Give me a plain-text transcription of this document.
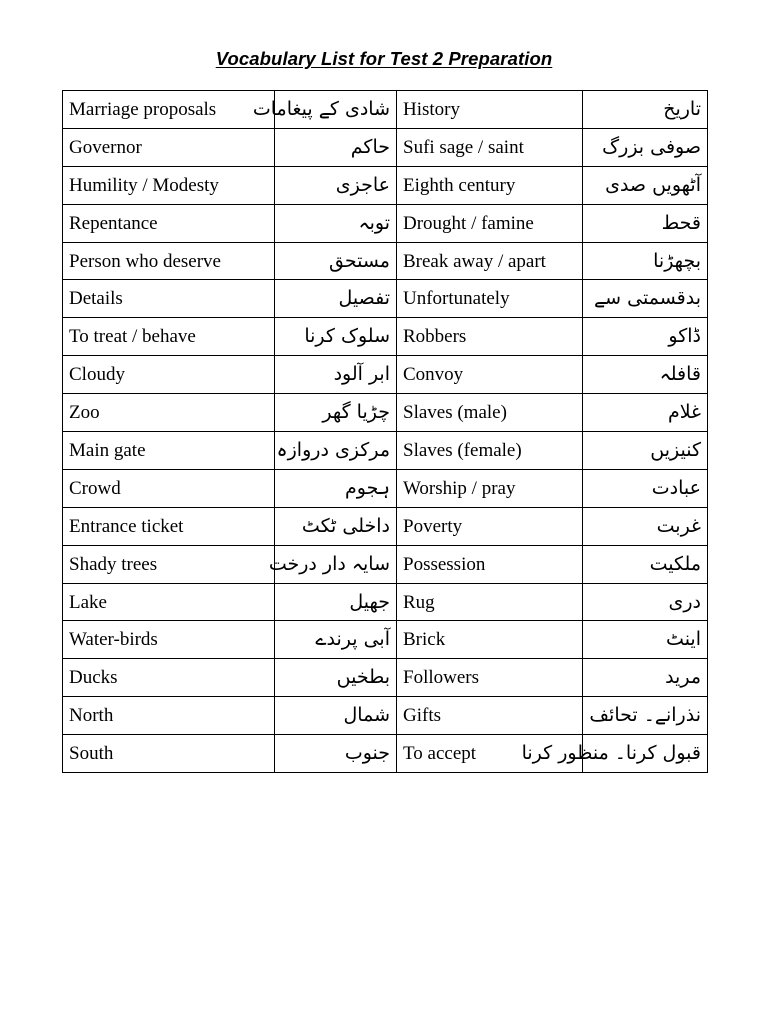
Vocabulary List for Test 2 Preparation
Marriage proposals	شادی کے پیغامات	History	تاریخ
Governor	حاکم	Sufi sage / saint	صوفی بزرگ
Humility / Modesty	عاجزی	Eighth century	آٹھویں صدی
Repentance	توبہ	Drought / famine	قحط
Person who deserve	مستحق	Break away / apart	بچھڑنا
Details	تفصیل	Unfortunately	بدقسمتی سے
To treat / behave	سلوک کرنا	Robbers	ڈاکو
Cloudy	ابر آلود	Convoy	قافلہ
Zoo	چڑیا گھر	Slaves (male)	غلام
Main gate	مرکزی دروازہ	Slaves (female)	کنیزیں
Crowd	ہجوم	Worship / pray	عبادت
Entrance ticket	داخلی ٹکٹ	Poverty	غربت
Shady trees	سایہ دار درخت	Possession	ملکیت
Lake	جھیل	Rug	دری
Water-birds	آبی پرندے	Brick	اینٹ
Ducks	بطخیں	Followers	مرید
North	شمال	Gifts	نذرانے۔ تحائف
South	جنوب	To accept	قبول کرنا۔ منظور کرنا
